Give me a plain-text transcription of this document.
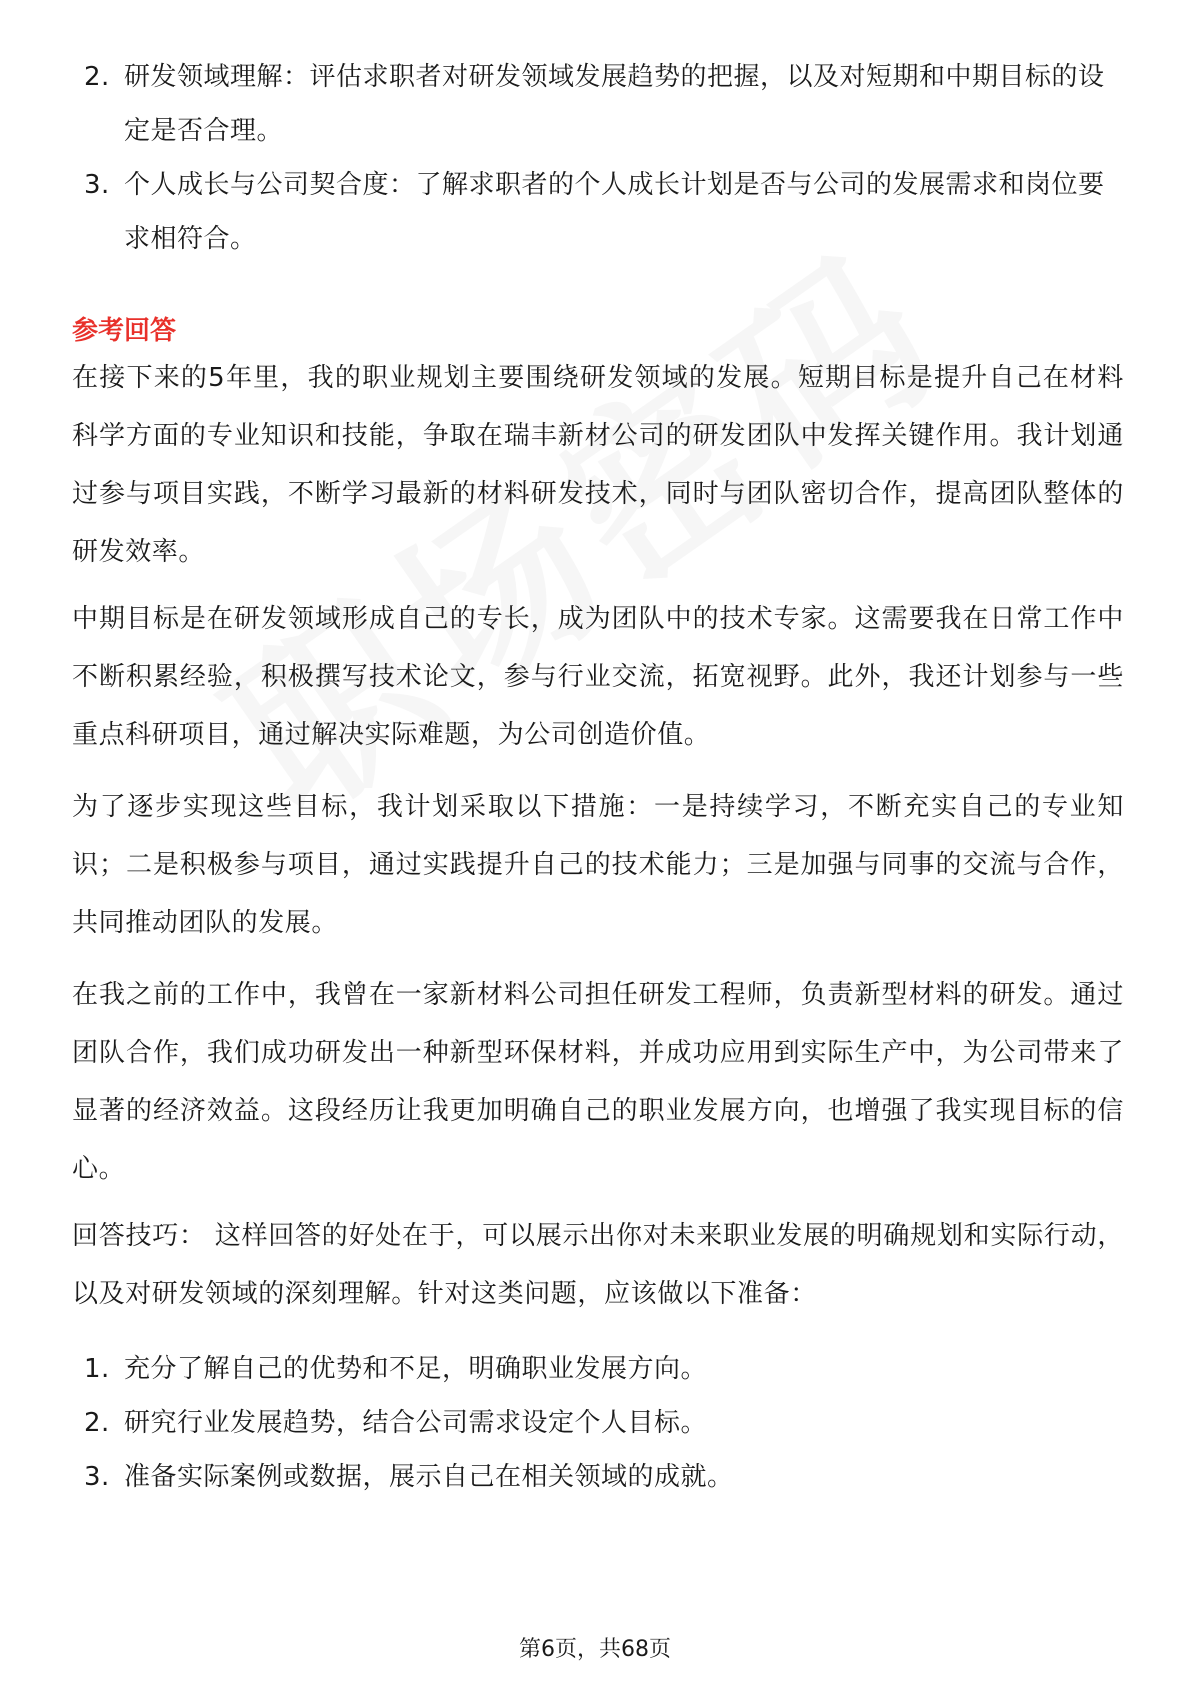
2. 研发领域理解：评估求职者对研发领域发展趋势的把握，以及对短期和中期目标的设定是否合理。
3. 个人成长与公司契合度：了解求职者的个人成长计划是否与公司的发展需求和岗位要求相符合。
参考回答

在接下来的5年里，我的职业规划主要围绕研发领域的发展。短期目标是提升自己在材料科学方面的专业知识和技能，争取在瑞丰新材公司的研发团队中发挥关键作用。我计划通过参与项目实践，不断学习最新的材料研发技术，同时与团队密切合作，提高团队整体的研发效率。

中期目标是在研发领域形成自己的专长，成为团队中的技术专家。这需要我在日常工作中不断积累经验，积极撰写技术论文，参与行业交流，拓宽视野。此外，我还计划参与一些重点科研项目，通过解决实际难题，为公司创造价值。

为了逐步实现这些目标，我计划采取以下措施：一是持续学习，不断充实自己的专业知识；二是积极参与项目，通过实践提升自己的技术能力；三是加强与同事的交流与合作，共同推动团队的发展。

在我之前的工作中，我曾在一家新材料公司担任研发工程师，负责新型材料的研发。通过团队合作，我们成功研发出一种新型环保材料，并成功应用到实际生产中，为公司带来了显著的经济效益。这段经历让我更加明确自己的职业发展方向，也增强了我实现目标的信心。

回答技巧： 这样回答的好处在于，可以展示出你对未来职业发展的明确规划和实际行动，以及对研发领域的深刻理解。针对这类问题，应该做以下准备：

1. 充分了解自己的优势和不足，明确职业发展方向。
2. 研究行业发展趋势，结合公司需求设定个人目标。
3. 准备实际案例或数据，展示自己在相关领域的成就。
第6页，共68页
